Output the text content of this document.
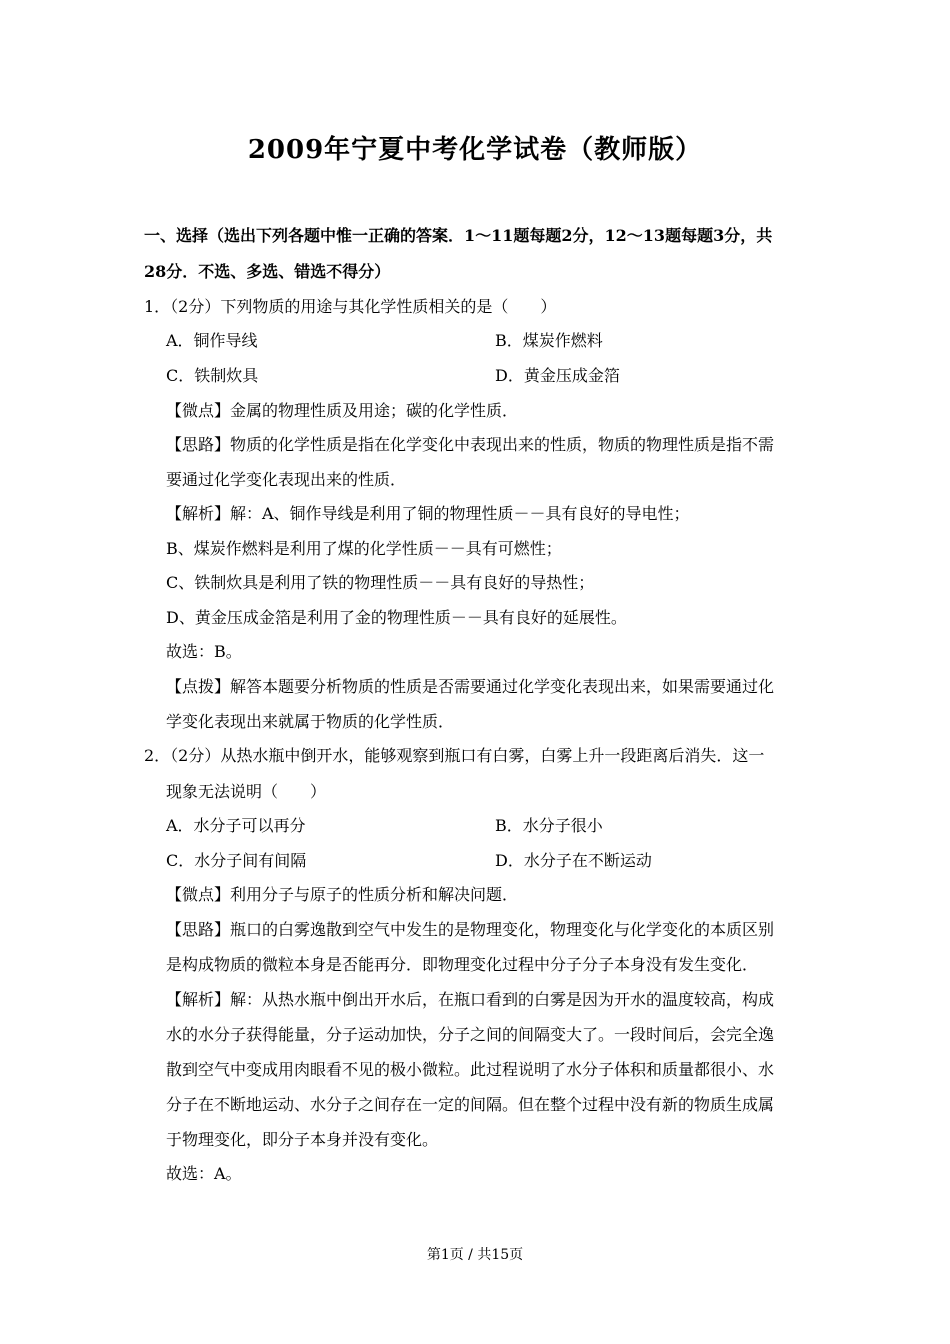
2009年宁夏中考化学试卷（教师版）
一、选择（选出下列各题中惟一正确的答案．1～11题每题2分，12～13题每题3分，共
28分．不选、多选、错选不得分）
1．（2分）下列物质的用途与其化学性质相关的是（　　）
A．铜作导线	B．煤炭作燃料
C．铁制炊具	D．黄金压成金箔
【微点】金属的物理性质及用途；碳的化学性质．
【思路】物质的化学性质是指在化学变化中表现出来的性质，物质的物理性质是指不需
要通过化学变化表现出来的性质．
【解析】解：A、铜作导线是利用了铜的物理性质－－具有良好的导电性；
B、煤炭作燃料是利用了煤的化学性质－－具有可燃性；
C、铁制炊具是利用了铁的物理性质－－具有良好的导热性；
D、黄金压成金箔是利用了金的物理性质－－具有良好的延展性。
故选：B。
【点拨】解答本题要分析物质的性质是否需要通过化学变化表现出来，如果需要通过化
学变化表现出来就属于物质的化学性质．
2．（2分）从热水瓶中倒开水，能够观察到瓶口有白雾，白雾上升一段距离后消失．这一
现象无法说明（　　）
A．水分子可以再分	B．水分子很小
C．水分子间有间隔	D．水分子在不断运动
【微点】利用分子与原子的性质分析和解决问题．
【思路】瓶口的白雾逸散到空气中发生的是物理变化，物理变化与化学变化的本质区别
是构成物质的微粒本身是否能再分．即物理变化过程中分子分子本身没有发生变化．
【解析】解：从热水瓶中倒出开水后，在瓶口看到的白雾是因为开水的温度较高，构成
水的水分子获得能量，分子运动加快，分子之间的间隔变大了。一段时间后，会完全逸
散到空气中变成用肉眼看不见的极小微粒。此过程说明了水分子体积和质量都很小、水
分子在不断地运动、水分子之间存在一定的间隔。但在整个过程中没有新的物质生成属
于物理变化，即分子本身并没有变化。
故选：A。
第1页 / 共15页
